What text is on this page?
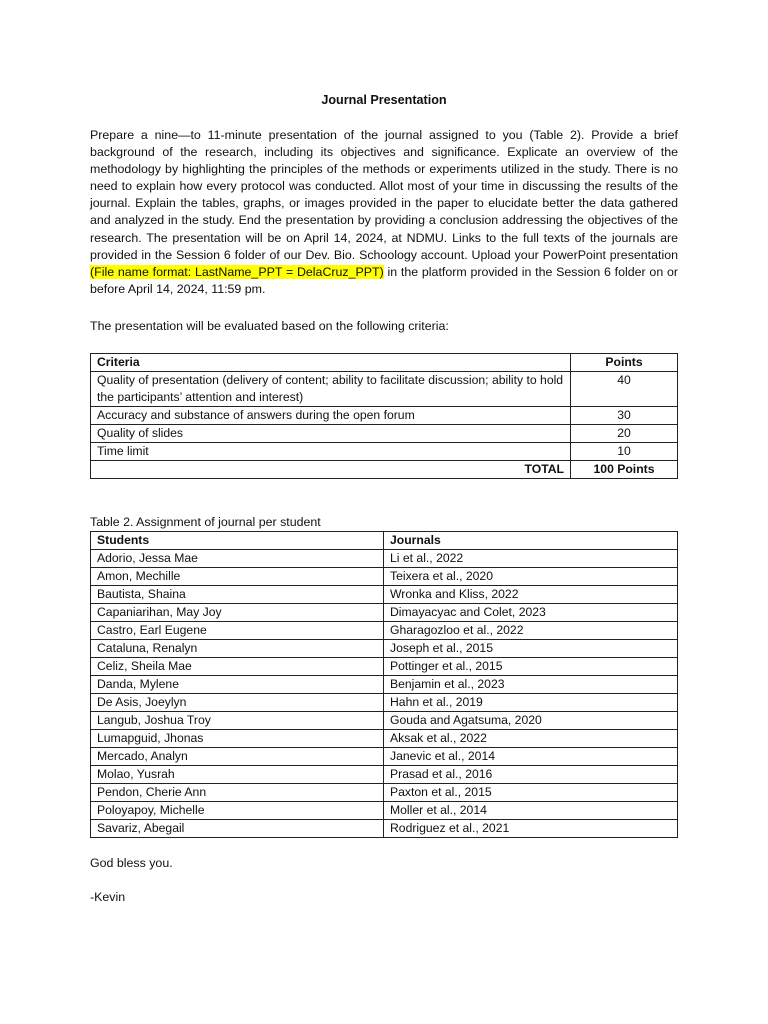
Journal Presentation
Prepare a nine—to 11-minute presentation of the journal assigned to you (Table 2). Provide a brief background of the research, including its objectives and significance. Explicate an overview of the methodology by highlighting the principles of the methods or experiments utilized in the study. There is no need to explain how every protocol was conducted. Allot most of your time in discussing the results of the journal. Explain the tables, graphs, or images provided in the paper to elucidate better the data gathered and analyzed in the study. End the presentation by providing a conclusion addressing the objectives of the research. The presentation will be on April 14, 2024, at NDMU. Links to the full texts of the journals are provided in the Session 6 folder of our Dev. Bio. Schoology account. Upload your PowerPoint presentation (File name format: LastName_PPT = DelaCruz_PPT) in the platform provided in the Session 6 folder on or before April 14, 2024, 11:59 pm.
The presentation will be evaluated based on the following criteria:
Criteria	Points
Quality of presentation (delivery of content; ability to facilitate discussion; ability to hold the participants’ attention and interest)	40
Accuracy and substance of answers during the open forum	30
Quality of slides	20
Time limit	10
TOTAL	100 Points
Table 2. Assignment of journal per student
Students	Journals
Adorio, Jessa Mae	Li et al., 2022
Amon, Mechille	Teixera et al., 2020
Bautista, Shaina	Wronka and Kliss, 2022
Capaniarihan, May Joy	Dimayacyac and Colet, 2023
Castro, Earl Eugene	Gharagozloo et al., 2022
Cataluna, Renalyn	Joseph et al., 2015
Celiz, Sheila Mae	Pottinger et al., 2015
Danda, Mylene	Benjamin et al., 2023
De Asis, Joeylyn	Hahn et al., 2019
Langub, Joshua Troy	Gouda and Agatsuma, 2020
Lumapguid, Jhonas	Aksak et al., 2022
Mercado, Analyn	Janevic et al., 2014
Molao, Yusrah	Prasad et al., 2016
Pendon, Cherie Ann	Paxton et al., 2015
Poloyapoy, Michelle	Moller et al., 2014
Savariz, Abegail	Rodriguez et al., 2021
God bless you.
-Kevin
